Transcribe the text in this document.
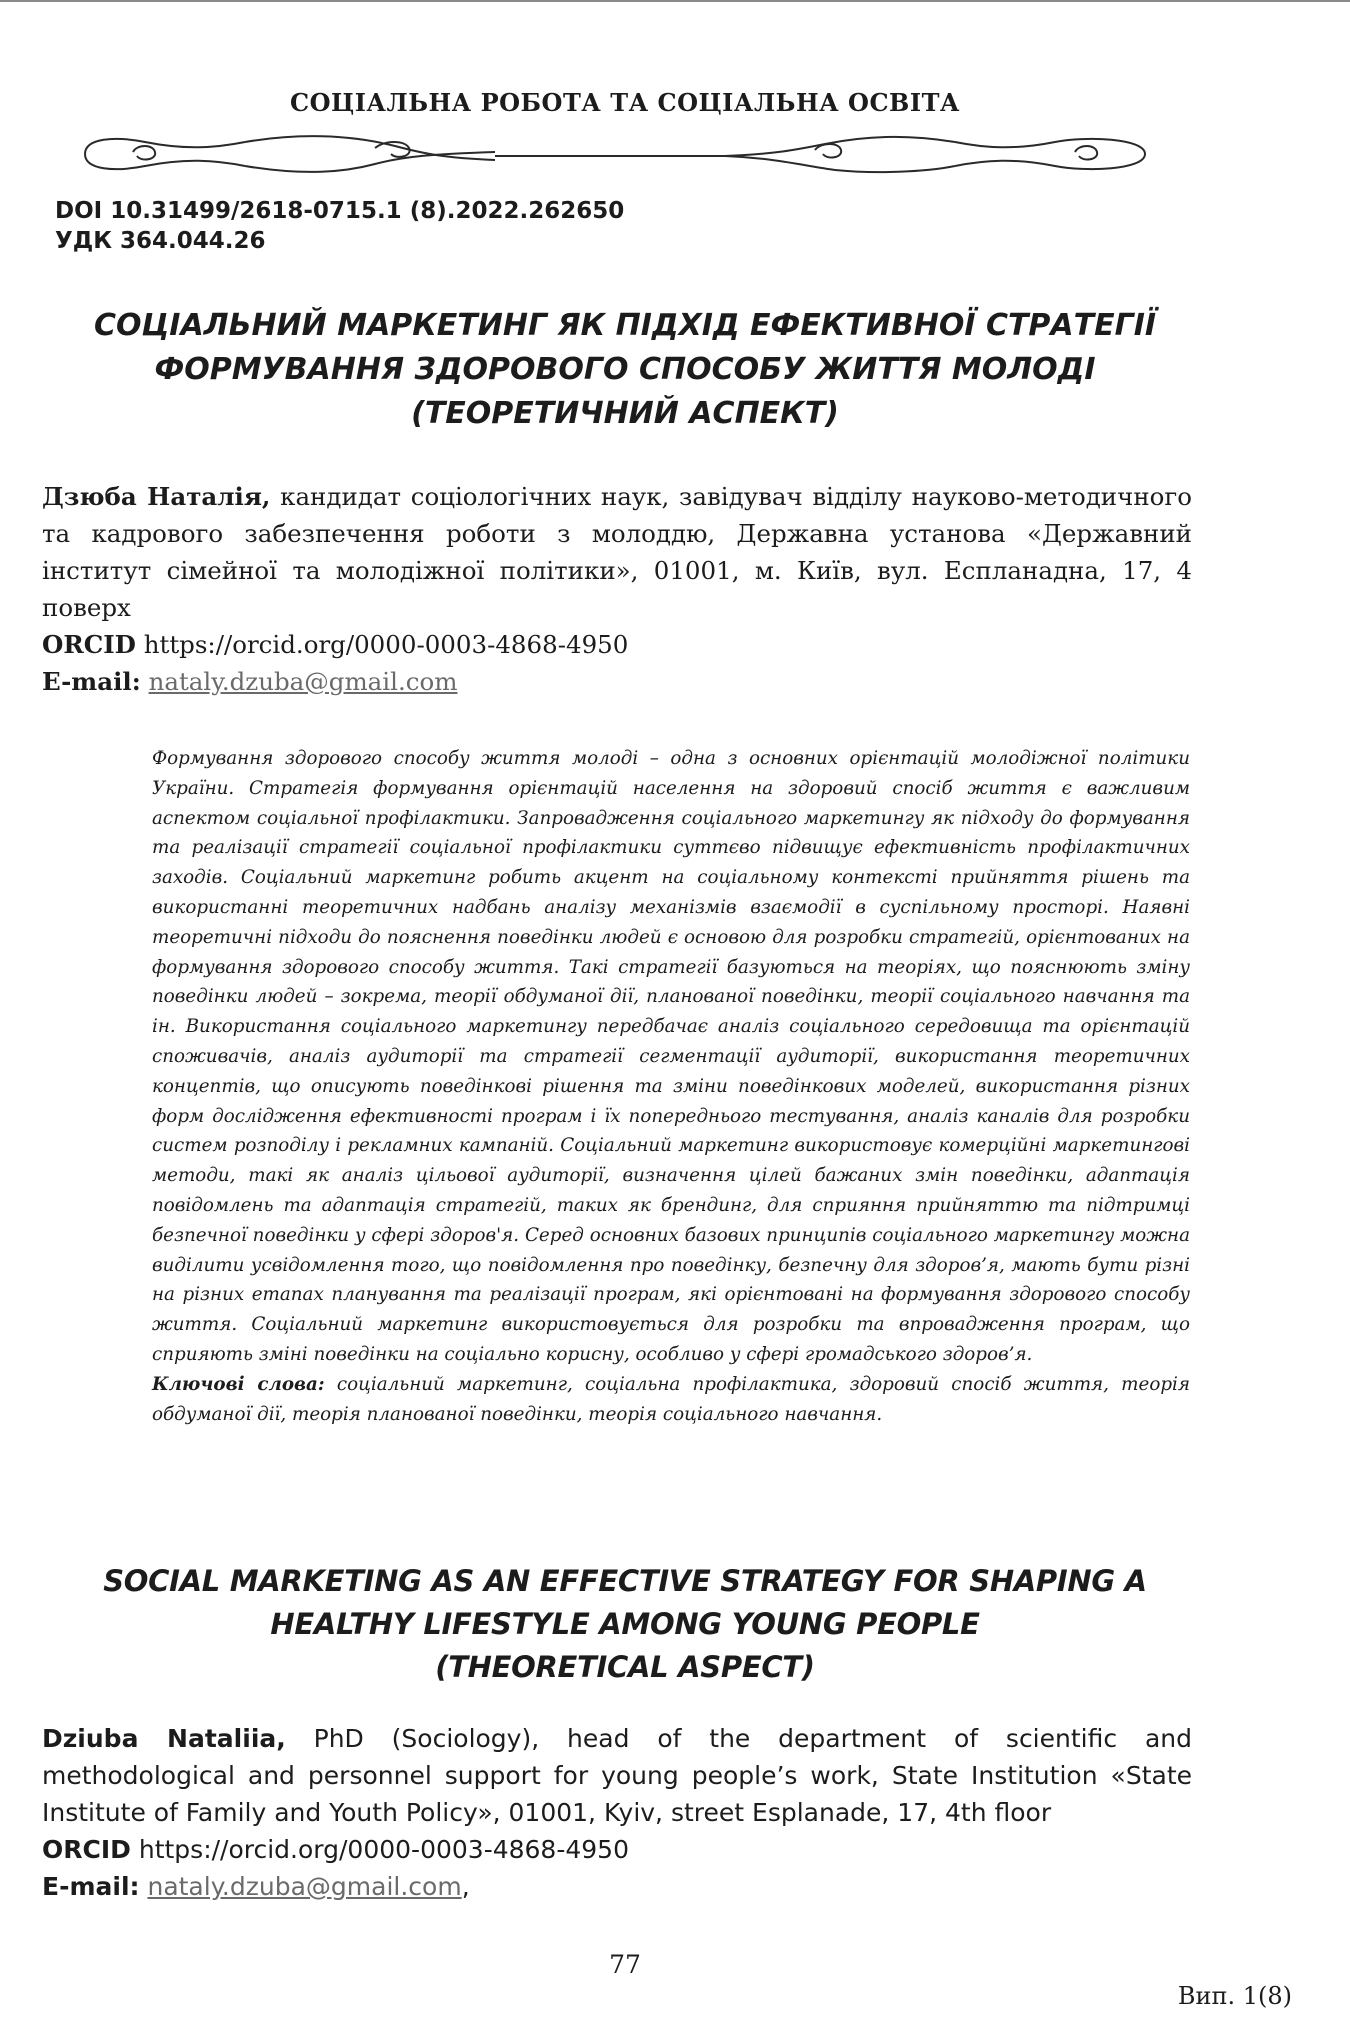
СОЦІАЛЬНА РОБОТА ТА СОЦІАЛЬНА ОСВІТА
DOI 10.31499/2618-0715.1 (8).2022.262650
УДК 364.044.26
СОЦІАЛЬНИЙ МАРКЕТИНГ ЯК ПІДХІД ЕФЕКТИВНОЇ СТРАТЕГІЇ
ФОРМУВАННЯ ЗДОРОВОГО СПОСОБУ ЖИТТЯ МОЛОДІ
(ТЕОРЕТИЧНИЙ АСПЕКТ)

Дзюба Наталія, кандидат соціологічних наук, завідувач відділу науково-методичного та кадрового забезпечення роботи з молоддю, Державна установа «Державний інститут сімейної та молодіжної політики», 01001, м. Київ, вул. Еспланадна, 17, 4 поверх

ORCID https://orcid.org/0000-0003-4868-4950

E-mail: nataly.dzuba@gmail.com

Формування здорового способу життя молоді – одна з основних орієнтацій молодіжної політики України. Стратегія формування орієнтацій населення на здоровий спосіб життя є важливим аспектом соціальної профілактики. Запровадження соціального маркетингу як підходу до формування та реалізації стратегії соціальної профілактики суттєво підвищує ефективність профілактичних заходів. Соціальний маркетинг робить акцент на соціальному контексті прийняття рішень та використанні теоретичних надбань аналізу механізмів взаємодії в суспільному просторі. Наявні теоретичні підходи до пояснення поведінки людей є основою для розробки стратегій, орієнтованих на формування здорового способу життя. Такі стратегії базуються на теоріях, що пояснюють зміну поведінки людей – зокрема, теорії обдуманої дії, планованої поведінки, теорії соціального навчання та ін. Використання соціального маркетингу передбачає аналіз соціального середовища та орієнтацій споживачів, аналіз аудиторії та стратегії сегментації аудиторії, використання теоретичних концептів, що описують поведінкові рішення та зміни поведінкових моделей, використання різних форм дослідження ефективності програм і їх попереднього тестування, аналіз каналів для розробки систем розподілу і рекламних кампаній. Соціальний маркетинг використовує комерційні маркетингові методи, такі як аналіз цільової аудиторії, визначення цілей бажаних змін поведінки, адаптація повідомлень та адаптація стратегій, таких як брендинг, для сприяння прийняттю та підтримці безпечної поведінки у сфері здоров'я. Серед основних базових принципів соціального маркетингу можна виділити усвідомлення того, що повідомлення про поведінку, безпечну для здоров’я, мають бути різні на різних етапах планування та реалізації програм, які орієнтовані на формування здорового способу життя. Соціальний маркетинг використовується для розробки та впровадження програм, що сприяють зміні поведінки на соціально корисну, особливо у сфері громадського здоров’я.

Ключові слова: соціальний маркетинг, соціальна профілактика, здоровий спосіб життя, теорія обдуманої дії, теорія планованої поведінки, теорія соціального навчання.

SOCIAL MARKETING AS AN EFFECTIVE STRATEGY FOR SHAPING A
HEALTHY LIFESTYLE AMONG YOUNG PEOPLE
(THEORETICAL ASPECT)

Dziuba Nataliia, PhD (Sociology), head of the department of scientific and methodological and personnel support for young people’s work, State Institution «State Institute of Family and Youth Policy», 01001, Kyiv, street Esplanade, 17, 4th floor

ORCID https://orcid.org/0000-0003-4868-4950

E-mail: nataly.dzuba@gmail.com,

77
Вип. 1(8)
